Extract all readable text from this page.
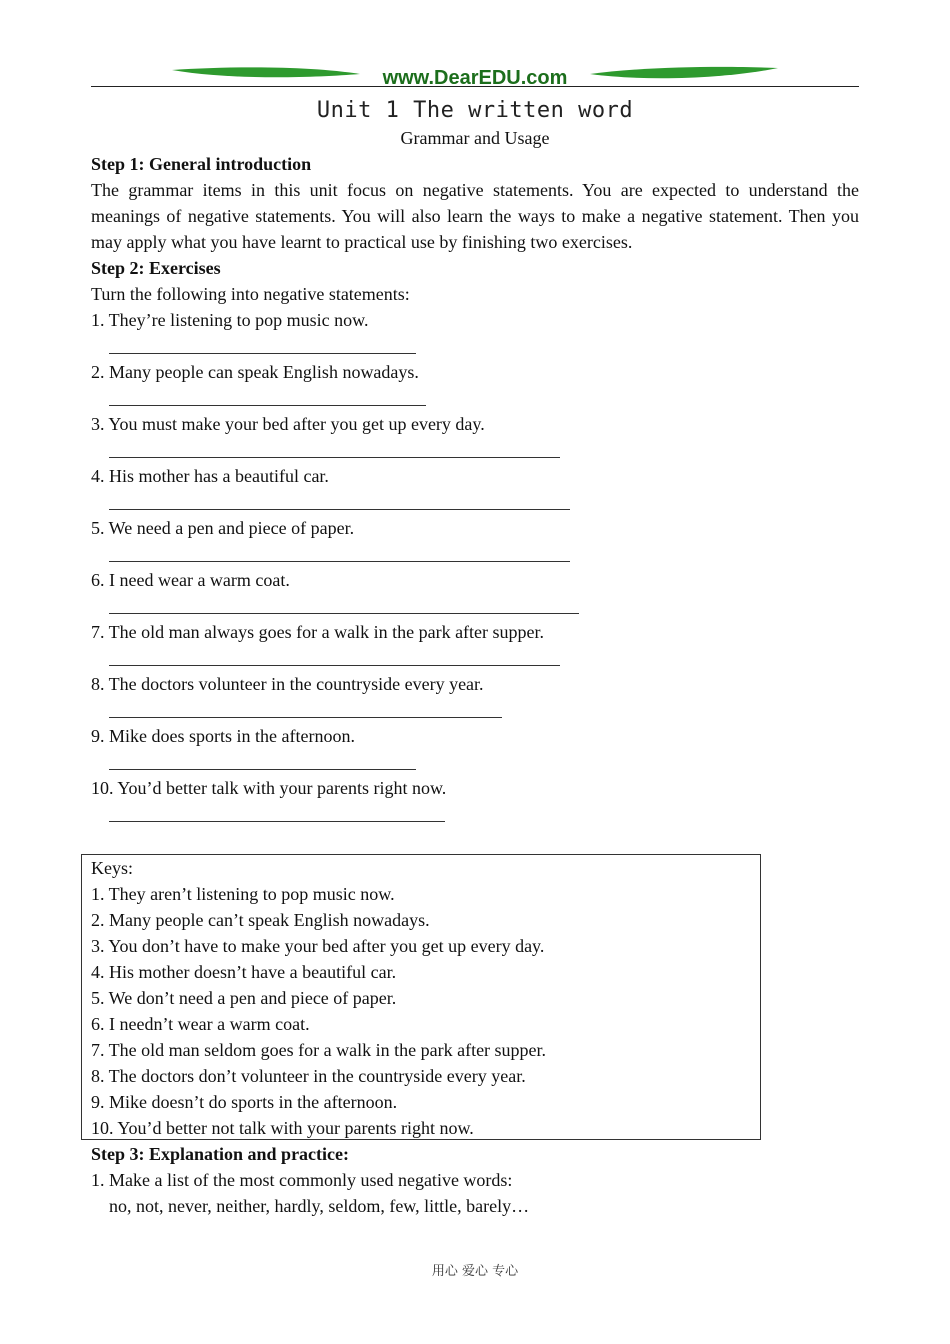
www.DearEDU.com
Unit 1 The written word
Grammar and Usage

Step 1: General introduction

The grammar items in this unit focus on negative statements. You are expected to understand the meanings of negative statements. You will also learn the ways to make a negative statement. Then you may apply what you have learnt to practical use by finishing two exercises.

Step 2: Exercises

Turn the following into negative statements:

1. They’re listening to pop music now.

2. Many people can speak English nowadays.

3. You must make your bed after you get up every day.

4. His mother has a beautiful car.

5. We need a pen and piece of paper.

6. I need wear a warm coat.

7. The old man always goes for a walk in the park after supper.

8. The doctors volunteer in the countryside every year.

9. Mike does sports in the afternoon.

10. You’d better talk with your parents right now.

Keys:

1. They aren’t listening to pop music now.

2. Many people can’t speak English nowadays.

3. You don’t have to make your bed after you get up every day.

4. His mother doesn’t have a beautiful car.

5. We don’t need a pen and piece of paper.

6. I needn’t wear a warm coat.

7. The old man seldom goes for a walk in the park after supper.

8. The doctors don’t volunteer in the countryside every year.

9. Mike doesn’t do sports in the afternoon.

10. You’d better not talk with your parents right now.

Step 3: Explanation and practice:

1. Make a list of the most commonly used negative words:

no, not, never, neither, hardly, seldom, few, little, barely…

用心 爱心 专心
